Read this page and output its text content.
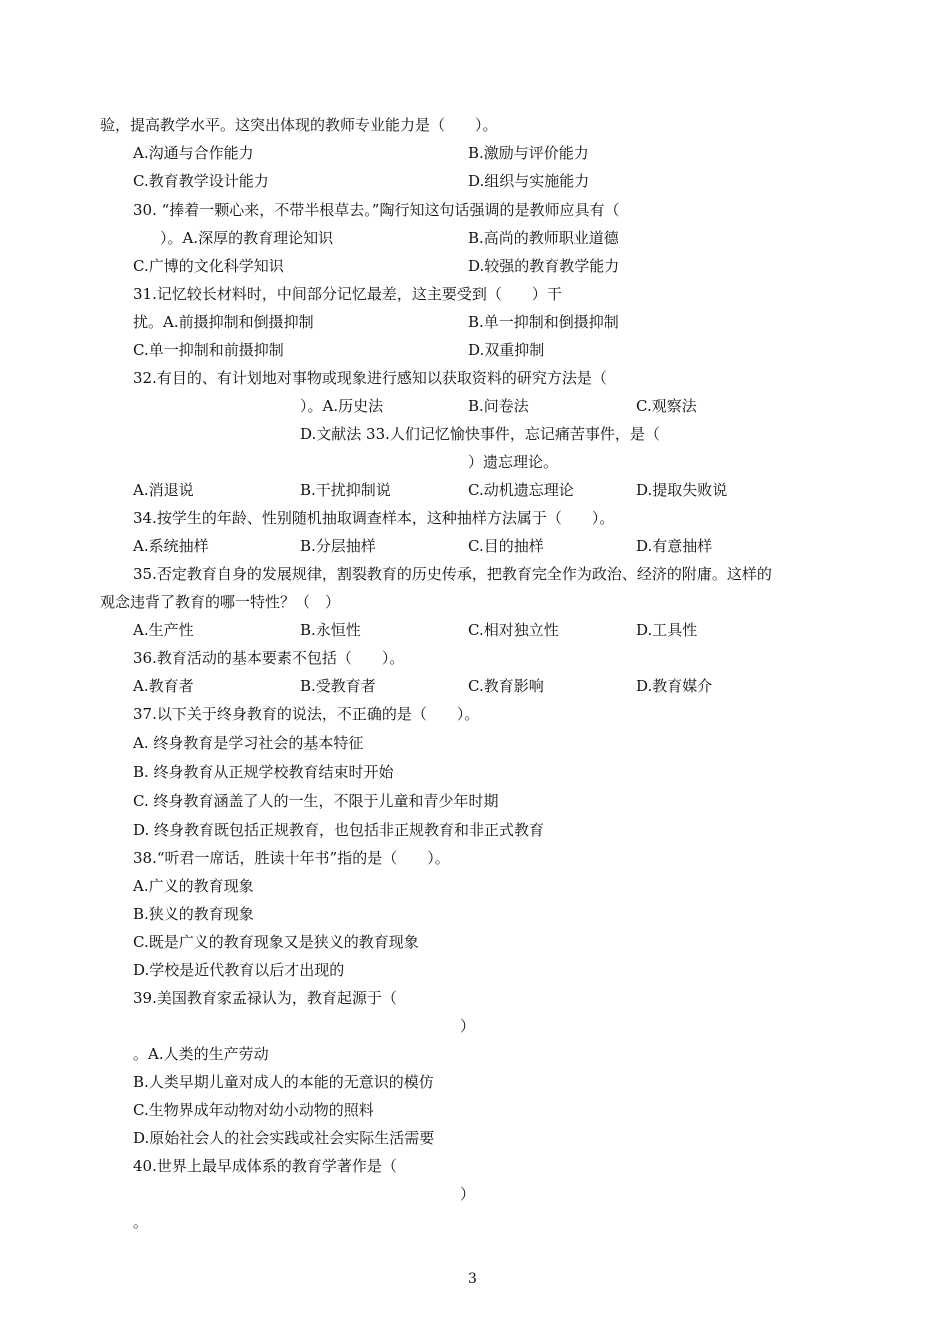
验，提高教学水平。这突出体现的教师专业能力是（　　）。
A.沟通与合作能力	B.激励与评价能力
C.教育教学设计能力	D.组织与实施能力
30. “捧着一颗心来，不带半根草去。”陶行知这句话强调的是教师应具有（
）。A.深厚的教育理论知识	B.高尚的教师职业道德
C.广博的文化科学知识	D.较强的教育教学能力
31.记忆较长材料时，中间部分记忆最差，这主要受到（　　）干
扰。A.前摄抑制和倒摄抑制	B.单一抑制和倒摄抑制
C.单一抑制和前摄抑制	D.双重抑制
32.有目的、有计划地对事物或现象进行感知以获取资料的研究方法是（
）。A.历史法	B.问卷法	C.观察法
D.文献法 33.人们记忆愉快事件，忘记痛苦事件，是（
）遗忘理论。
A.消退说	B.干扰抑制说	C.动机遗忘理论	D.提取失败说
34.按学生的年龄、性别随机抽取调查样本，这种抽样方法属于（　　）。
A.系统抽样	B.分层抽样	C.目的抽样	D.有意抽样
35.否定教育自身的发展规律，割裂教育的历史传承，把教育完全作为政治、经济的附庸。这样的
观念违背了教育的哪一特性？（　）
A.生产性	B.永恒性	C.相对独立性	D.工具性
36.教育活动的基本要素不包括（　　）。
A.教育者	B.受教育者	C.教育影响	D.教育媒介
37.以下关于终身教育的说法，不正确的是（　　）。
A. 终身教育是学习社会的基本特征
B. 终身教育从正规学校教育结束时开始
C. 终身教育涵盖了人的一生，不限于儿童和青少年时期
D. 终身教育既包括正规教育，也包括非正规教育和非正式教育
38.“听君一席话，胜读十年书”指的是（　　）。
A.广义的教育现象
B.狭义的教育现象
C.既是广义的教育现象又是狭义的教育现象
D.学校是近代教育以后才出现的
39.美国教育家孟禄认为，教育起源于（
）
。A.人类的生产劳动
B.人类早期儿童对成人的本能的无意识的模仿
C.生物界成年动物对幼小动物的照料
D.原始社会人的社会实践或社会实际生活需要
40.世界上最早成体系的教育学著作是（
）
。
3
